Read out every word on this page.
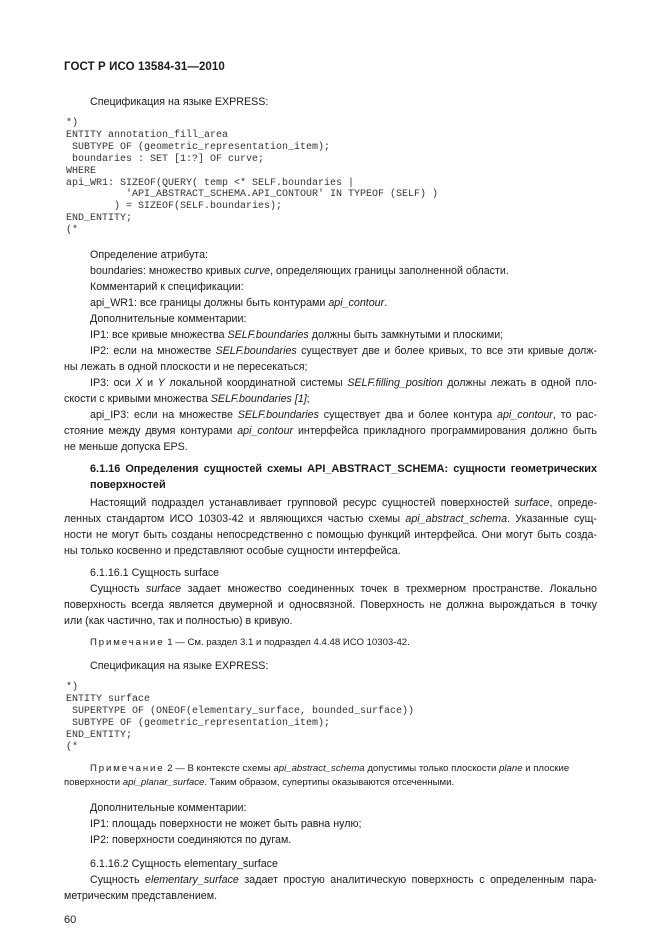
ГОСТ Р ИСО 13584-31—2010
Спецификация на языке EXPRESS:
*)
ENTITY annotation_fill_area
SUBTYPE OF (geometric_representation_item);
boundaries : SET [1:?] OF curve;
WHERE
api_WR1: SIZEOF(QUERY( temp <* SELF.boundaries |
'API_ABSTRACT_SCHEMA.API_CONTOUR' IN TYPEOF (SELF) )
) = SIZEOF(SELF.boundaries);
END_ENTITY;
(*
Определение атрибута:
boundaries: множество кривых curve, определяющих границы заполненной области.
Комментарий к спецификации:
api_WR1: все границы должны быть контурами api_contour.
Дополнительные комментарии:
IP1: все кривые множества SELF.boundaries должны быть замкнутыми и плоскими;
IP2: если на множестве SELF.boundaries существует две и более кривых, то все эти кривые долж-
ны лежать в одной плоскости и не пересекаться;
IP3: оси X и Y локальной координатной системы SELF.filling_position должны лежать в одной пло-
скости с кривыми множества SELF.boundaries [1];
api_IP3: если на множестве SELF.boundaries существует два и более контура api_contour, то рас-
стояние между двумя контурами api_contour интерфейса прикладного программирования должно быть
не меньше допуска EPS.
6.1.16 Определения сущностей схемы API_ABSTRACT_SCHEMA: сущности геометрических
поверхностей
Настоящий подраздел устанавливает групповой ресурс сущностей поверхностей surface, опреде-
ленных стандартом ИСО 10303-42 и являющихся частью схемы api_abstract_schema. Указанные сущ-
ности не могут быть созданы непосредственно с помощью функций интерфейса. Они могут быть созда-
ны только косвенно и представляют особые сущности интерфейса.
6.1.16.1 Сущность surface
Сущность surface задает множество соединенных точек в трехмерном пространстве. Локально
поверхность всегда является двумерной и односвязной. Поверхность не должна вырождаться в точку
или (как частично, так и полностью) в кривую.
Примечание 1 — См. раздел 3.1 и подраздел 4.4.48 ИСО 10303-42.
Спецификация на языке EXPRESS:
*)
ENTITY surface
SUPERTYPE OF (ONEOF(elementary_surface, bounded_surface))
SUBTYPE OF (geometric_representation_item);
END_ENTITY;
(*
Примечание 2 — В контексте схемы api_abstract_schema допустимы только плоскости plane и плоские
поверхности api_planar_surface. Таким образом, супертипы оказываются отсеченными.
Дополнительные комментарии:
IP1: площадь поверхности не может быть равна нулю;
IP2: поверхности соединяются по дугам.
6.1.16.2 Сущность elementary_surface
Сущность elementary_surface задает простую аналитическую поверхность с определенным пара-
метрическим представлением.
60
